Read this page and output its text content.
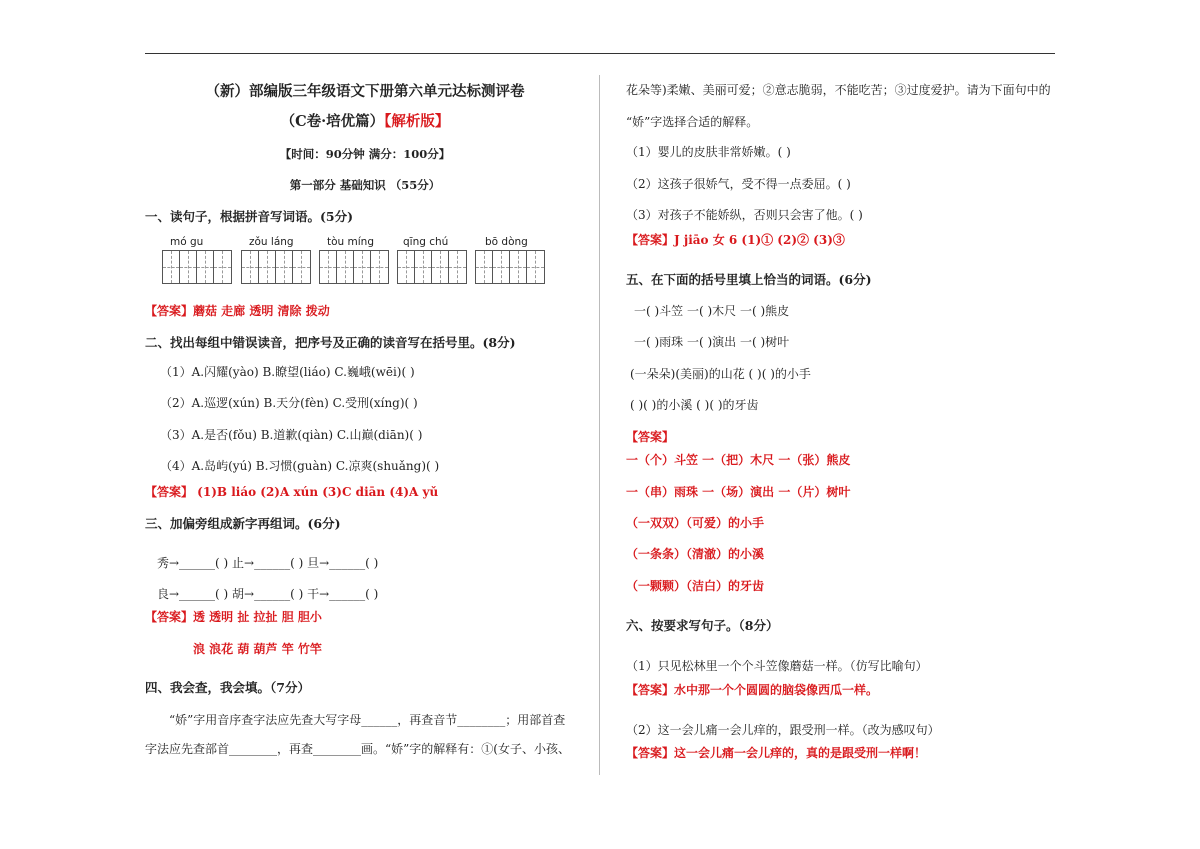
（新）部编版三年级语文下册第六单元达标测评卷
（C卷·培优篇）【解析版】
【时间：90分钟 满分：100分】
第一部分 基础知识 （55分）
一、读句子，根据拼音写词语。(5分)
mó gu	zǒu láng	tòu míng	qīng chú	bō dòng
【答案】蘑菇 走廊 透明 清除 拨动
二、找出每组中错误读音，把序号及正确的读音写在括号里。(8分)
（1）A.闪耀(yào) B.瞭望(liáo) C.巍峨(wēi)( )
（2）A.巡逻(xún) B.天分(fèn) C.受刑(xíng)( )
（3）A.是否(fǒu) B.道歉(qiàn) C.山巅(diān)( )
（4）A.岛屿(yú) B.习惯(guàn) C.凉爽(shuǎng)( )
【答案】 (1)B liáo (2)A xún (3)C diān (4)A yǔ
三、加偏旁组成新字再组词。(6分)
秀→______( ) 止→______( ) 旦→______( )
良→______( ) 胡→______( ) 干→______( )
【答案】透 透明 扯 拉扯 胆 胆小
浪 浪花 葫 葫芦 竿 竹竿
四、我会查，我会填。（7分）
“娇”字用音序查字法应先查大写字母______，再查音节________；用部首查
字法应先查部首________，再查________画。“娇”字的解释有：①(女子、小孩、
花朵等)柔嫩、美丽可爱；②意志脆弱，不能吃苦；③过度爱护。请为下面句中的
“娇”字选择合适的解释。
（1）婴儿的皮肤非常娇嫩。( )
（2）这孩子很娇气，受不得一点委屈。( )
（3）对孩子不能娇纵，否则只会害了他。( )
【答案】J jiāo 女 6 (1)① (2)② (3)③
五、在下面的括号里填上恰当的词语。(6分)
一( )斗笠 一( )木尺 一( )熊皮
一( )雨珠 一( )演出 一( )树叶
(一朵朵)(美丽)的山花 ( )( )的小手
( )( )的小溪 ( )( )的牙齿
【答案】
一（个）斗笠 一（把）木尺 一（张）熊皮
一（串）雨珠 一（场）演出 一（片）树叶
（一双双）（可爱）的小手
（一条条）（清澈）的小溪
（一颗颗）（洁白）的牙齿
六、按要求写句子。（8分）
（1）只见松林里一个个斗笠像蘑菇一样。（仿写比喻句）
【答案】水中那一个个圆圆的脑袋像西瓜一样。
（2）这一会儿痛一会儿痒的，跟受刑一样。（改为感叹句）
【答案】这一会儿痛一会儿痒的，真的是跟受刑一样啊！
